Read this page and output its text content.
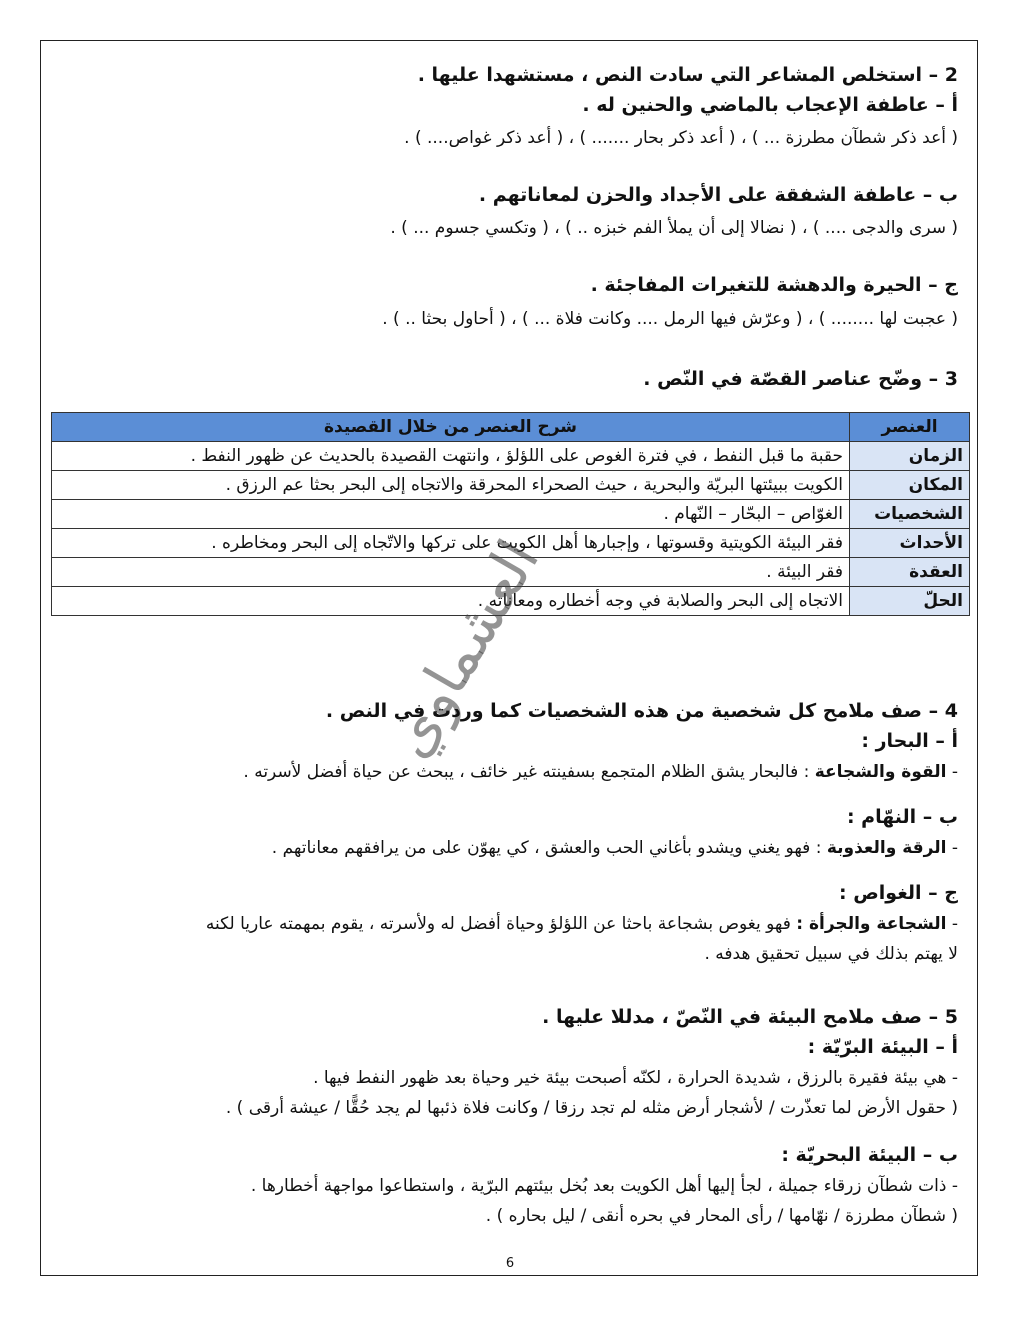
2 – استخلص المشاعر التي سادت النص ، مستشهدا عليها .
أ – عاطفة الإعجاب بالماضي والحنين له .
( أعد ذكر شطآن مطرزة ... ) ، ( أعد ذكر بحار ....... ) ، ( أعد ذكر غواص.... ) .
ب – عاطفة الشفقة على الأجداد والحزن لمعاناتهم .
( سرى والدجى .... ) ، ( نضالا إلى أن يملأ الفم خبزه .. ) ، ( وتكسي جسوم ... ) .
ج – الحيرة والدهشة للتغيرات المفاجئة .
( عجبت لها ........ ) ، ( وعرّش فيها الرمل .... وكانت فلاة ... ) ، ( أحاول بحثا .. ) .
3 – وضّح عناصر القصّة في النّص .
العنصر	شرح العنصر من خلال القصيدة
الزمان	حقبة ما قبل النفط ، في فترة الغوص على اللؤلؤ ، وانتهت القصيدة بالحديث عن ظهور النفط .
المكان	الكويت ببيئتها البريّة والبحرية ، حيث الصحراء المحرقة والاتجاه إلى البحر بحثا عم الرزق .
الشخصيات	الغوّاص – البحّار – النّهام .
الأحداث	فقر البيئة الكويتية وقسوتها ، وإجبارها أهل الكويت على تركها والاتّجاه إلى البحر ومخاطره .
العقدة	فقر البيئة .
الحلّ	الاتجاه إلى البحر والصلابة في وجه أخطاره ومعاناته .
العشماوي
4 – صف ملامح كل شخصية من هذه الشخصيات كما وردت في النص .
أ – البحار :
- القوة والشجاعة : فالبحار يشق الظلام المتجمع بسفينته غير خائف ، يبحث عن حياة أفضل لأسرته .
ب – النهّام :
- الرقة والعذوبة : فهو يغني ويشدو بأغاني الحب والعشق ، كي يهوّن على من يرافقهم معاناتهم .
ج – الغواص :
- الشجاعة والجرأة : فهو يغوص بشجاعة باحثا عن اللؤلؤ وحياة أفضل له ولأسرته ، يقوم بمهمته عاريا لكنه
لا يهتم بذلك في سبيل تحقيق هدفه .
5 – صف ملامح البيئة في النّصّ ، مدللا عليها .
أ – البيئة البرّيّة :
- هي بيئة فقيرة بالرزق ، شديدة الحرارة ، لكنّه أصبحت بيئة خير وحياة بعد ظهور النفط فيها .
( حقول الأرض لما تعذّرت / لأشجار أرض مثله لم تجد رزقا / وكانت فلاة ذئبها لم يجد حُقًّا / عيشة أرقى ) .
ب – البيئة البحريّة :
- ذات شطآن زرقاء جميلة ، لجأ إليها أهل الكويت بعد بُخل بيئتهم البرّية ، واستطاعوا مواجهة أخطارها .
( شطآن مطرزة / نهّامها / رأى المحار في بحره أنقى / ليل بحاره ) .
6
